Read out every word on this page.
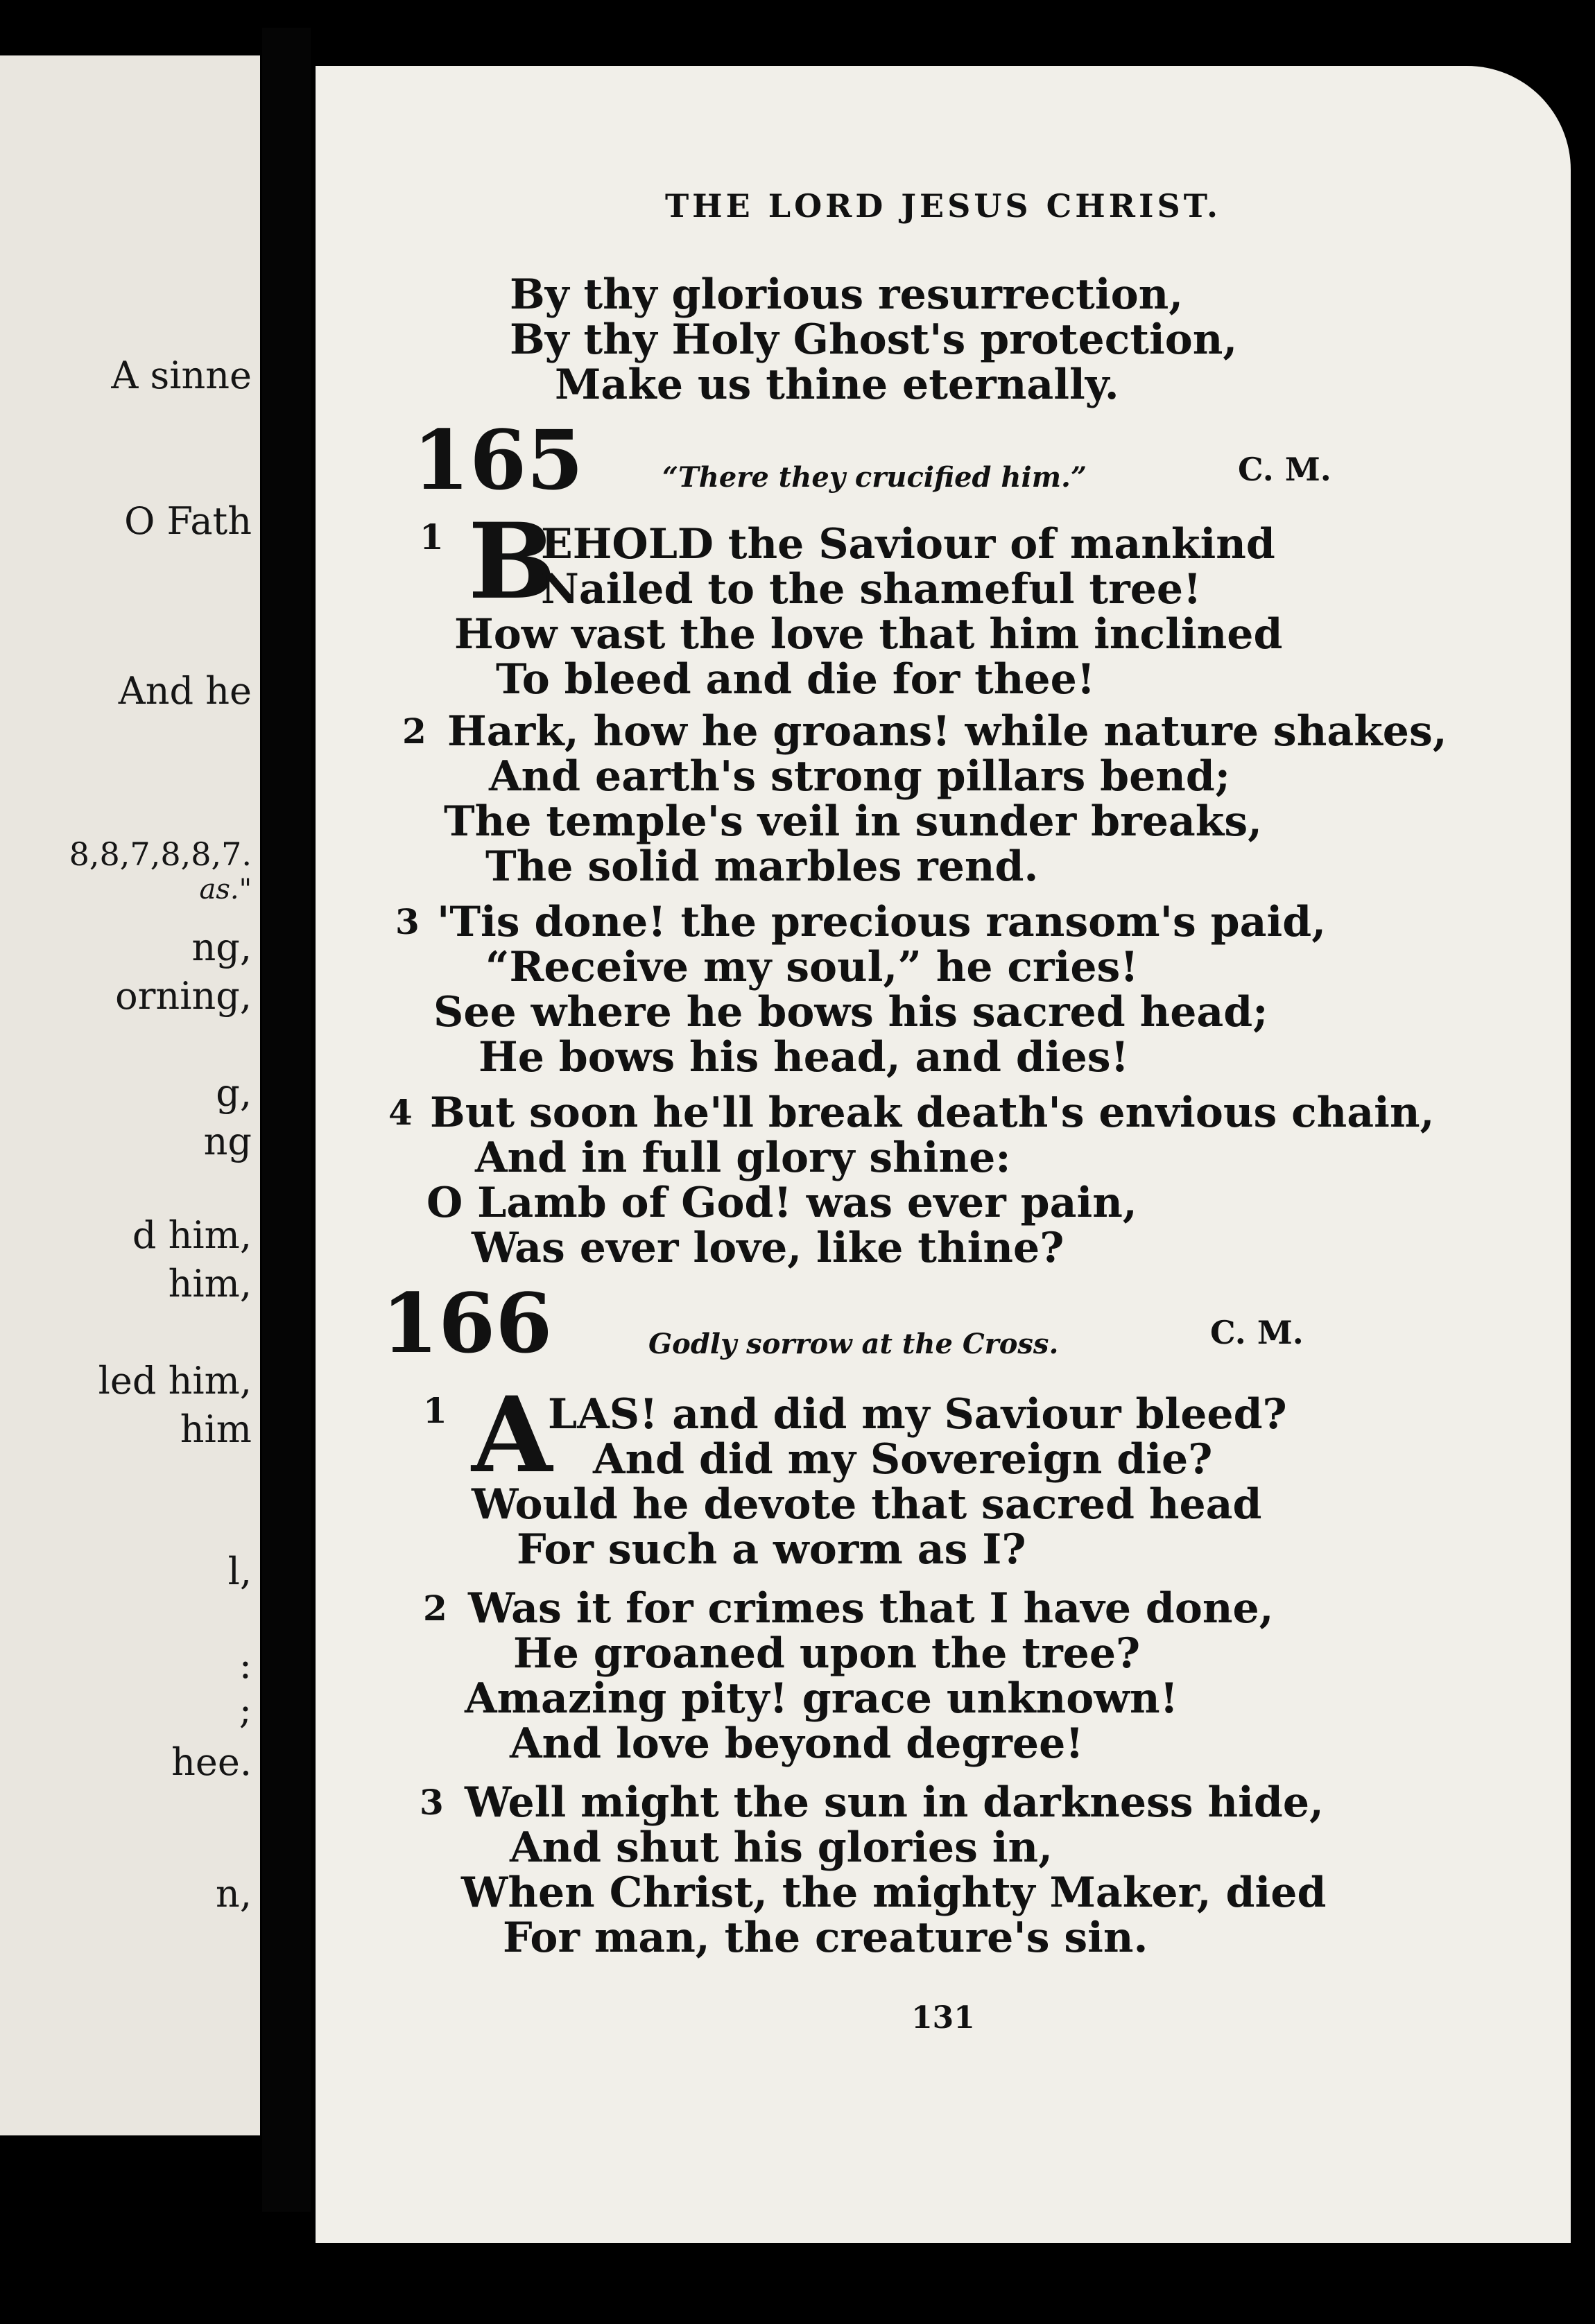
A sinne
O Fath
And he
8,8,7,8,8,7.
as."
ng,
orning,
g,
ng
d him,
him,
led him,
him
l,
:
;
hee.
n,
THE LORD JESUS CHRIST.
By thy glorious resurrection,
By thy Holy Ghost's protection,
Make us thine eternally.
165	“There they crucified him.”	C. M.
1 B
EHOLD the Saviour of mankind
Nailed to the shameful tree!
How vast the love that him inclined
To bleed and die for thee!
2 Hark, how he groans! while nature shakes,
And earth's strong pillars bend;
The temple's veil in sunder breaks,
The solid marbles rend.
3 'Tis done! the precious ransom's paid,
“Receive my soul,” he cries!
See where he bows his sacred head;
He bows his head, and dies!
4 But soon he'll break death's envious chain,
And in full glory shine:
O Lamb of God! was ever pain,
Was ever love, like thine?
166	Godly sorrow at the Cross.	C. M.
1 A
LAS! and did my Saviour bleed?
And did my Sovereign die?
Would he devote that sacred head
For such a worm as I?
2 Was it for crimes that I have done,
He groaned upon the tree?
Amazing pity! grace unknown!
And love beyond degree!
3 Well might the sun in darkness hide,
And shut his glories in,
When Christ, the mighty Maker, died
For man, the creature's sin.
131
